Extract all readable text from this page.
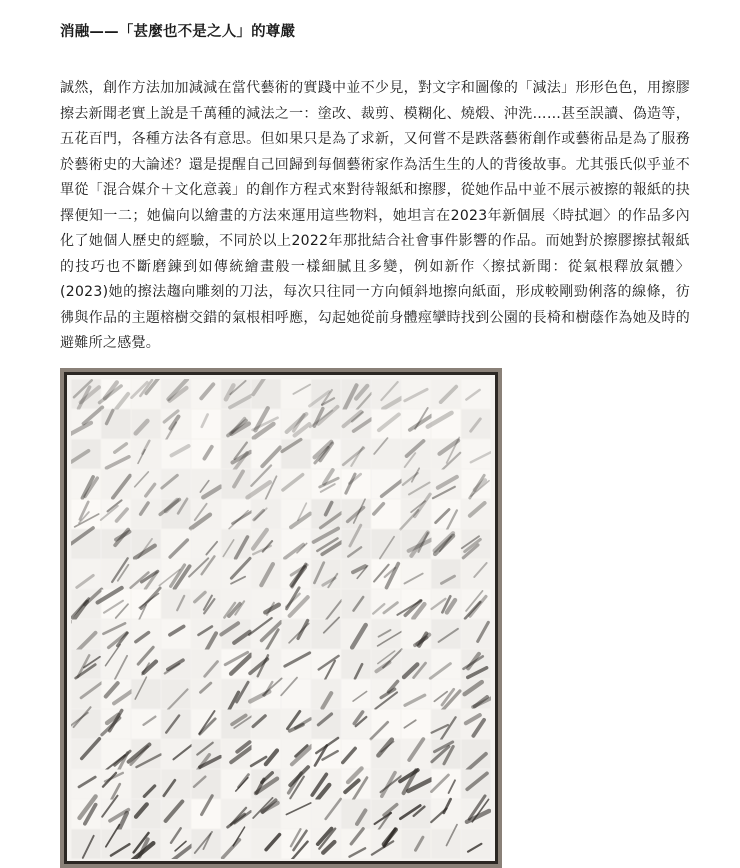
消融——「甚麼也不是之人」的尊嚴

誠然，創作方法加加減減在當代藝術的實踐中並不少見，對文字和圖像的「減法」形形色色，用擦膠擦去新聞老實上說是千萬種的減法之一：塗改、裁剪、模糊化、燒煅、沖洗……甚至誤讀、偽造等，五花百門，各種方法各有意思。但如果只是為了求新，又何嘗不是跌落藝術創作或藝術品是為了服務於藝術史的大論述？還是提醒自己回歸到每個藝術家作為活生生的人的背後故事。尤其張氏似乎並不單從「混合媒介＋文化意義」的創作方程式來對待報紙和擦膠，從她作品中並不展示被擦的報紙的抉擇便知一二；她偏向以繪畫的方法來運用這些物料，她坦言在2023年新個展〈時拭迴〉的作品多內化了她個人歷史的經驗，不同於以上2022年那批結合社會事件影響的作品。而她對於擦膠擦拭報紙的技巧也不斷磨鍊到如傳統繪畫般一樣細膩且多變，例如新作〈擦拭新聞：從氣根釋放氣體〉(2023)她的擦法趨向雕刻的刀法，每次只往同一方向傾斜地擦向紙面，形成較剛勁俐落的線條，彷彿與作品的主題榕樹交錯的氣根相呼應，勾起她從前身體痙攣時找到公園的長椅和樹蔭作為她及時的避難所之感覺。
